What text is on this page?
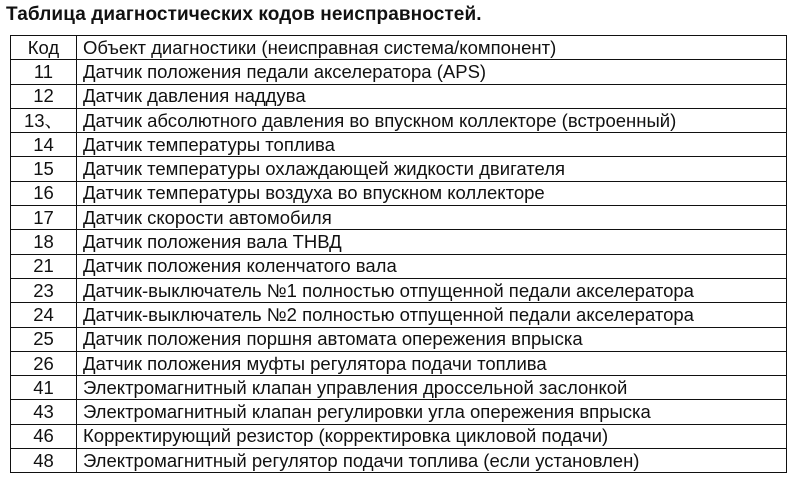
Таблица диагностических кодов неисправностей.
Код	Объект диагностики (неисправная система/компонент)
11	Датчик положения педали акселератора (APS)
12	Датчик давления наддува
13、	Датчик абсолютного давления во впускном коллекторе (встроенный)
14	Датчик температуры топлива
15	Датчик температуры охлаждающей жидкости двигателя
16	Датчик температуры воздуха во впускном коллекторе
17	Датчик скорости автомобиля
18	Датчик положения вала ТНВД
21	Датчик положения коленчатого вала
23	Датчик-выключатель №1 полностью отпущенной педали акселератора
24	Датчик-выключатель №2 полностью отпущенной педали акселератора
25	Датчик положения поршня автомата опережения впрыска
26	Датчик положения муфты регулятора подачи топлива
41	Электромагнитный клапан управления дроссельной заслонкой
43	Электромагнитный клапан регулировки угла опережения впрыска
46	Корректирующий резистор (корректировка цикловой подачи)
48	Электромагнитный регулятор подачи топлива (если установлен)
